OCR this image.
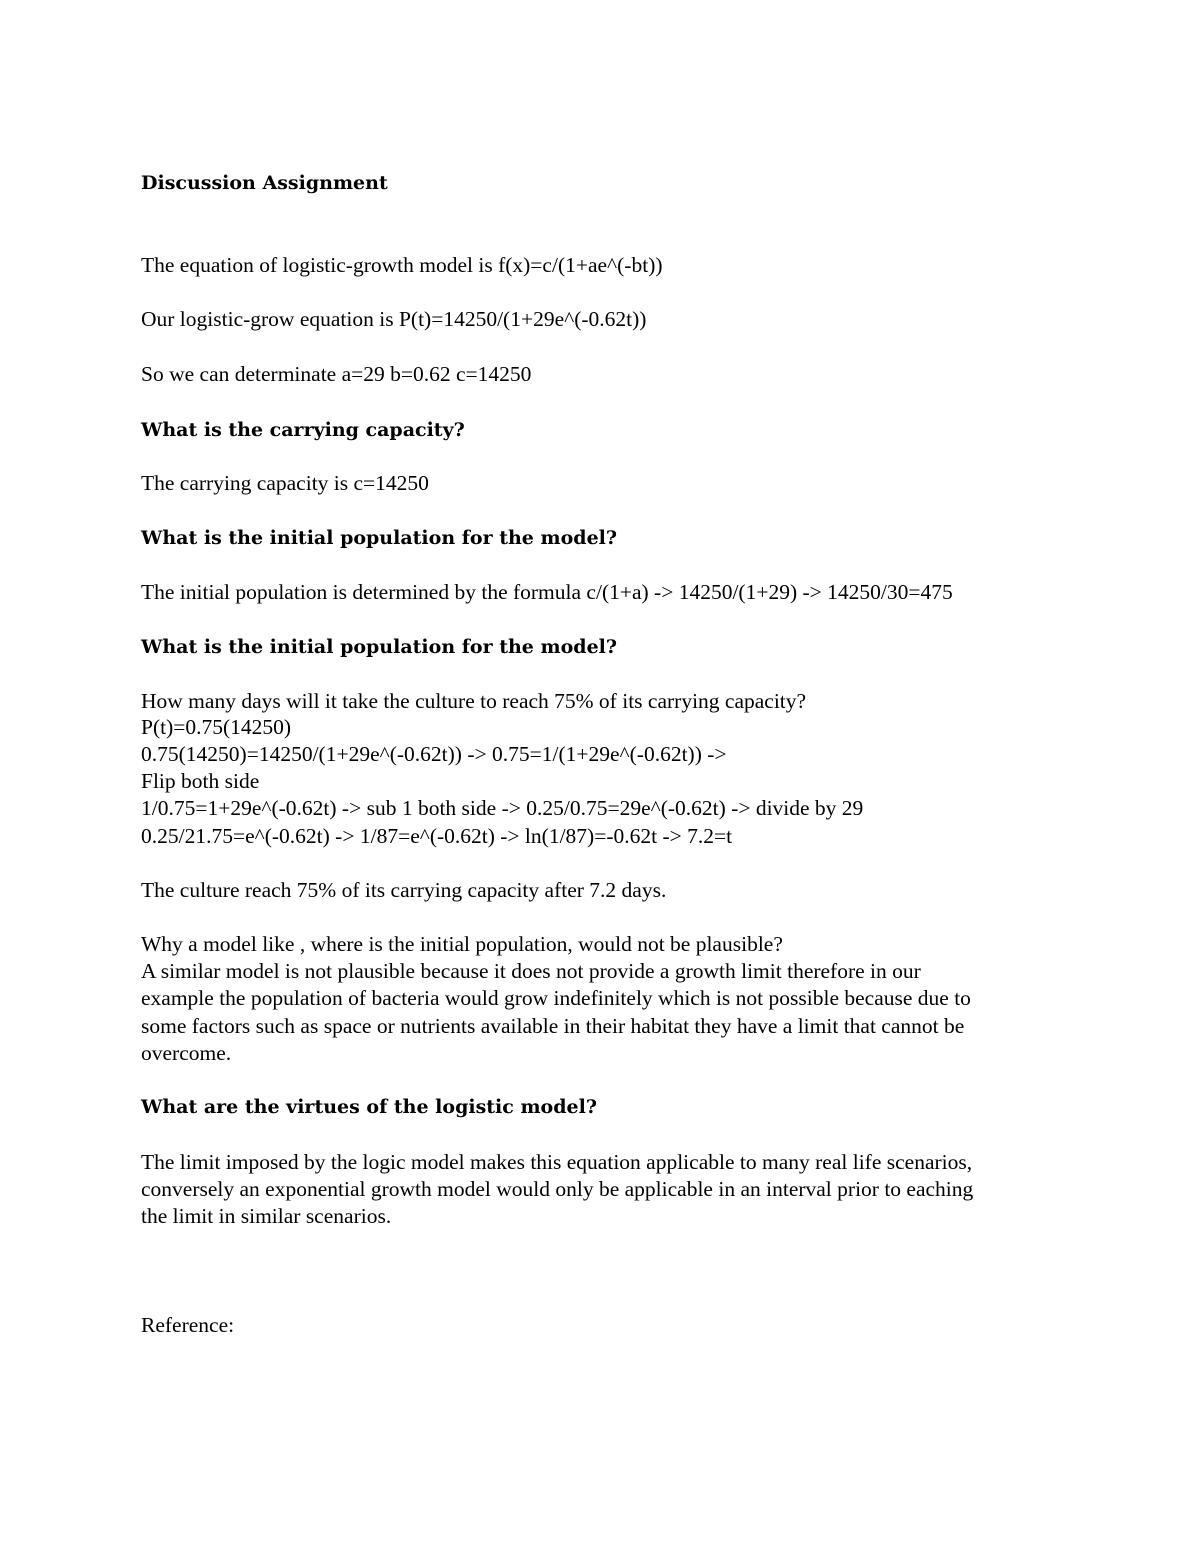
Discussion Assignment

The equation of logistic-growth model is f(x)=c/(1+ae^(-bt))

Our logistic-grow equation is P(t)=14250/(1+29e^(-0.62t))

So we can determinate a=29 b=0.62 c=14250

What is the carrying capacity?

The carrying capacity is c=14250

What is the initial population for the model?

The initial population is determined by the formula c/(1+a) -> 14250/(1+29) -> 14250/30=475

What is the initial population for the model?

How many days will it take the culture to reach 75% of its carrying capacity?

P(t)=0.75(14250)

0.75(14250)=14250/(1+29e^(-0.62t)) -> 0.75=1/(1+29e^(-0.62t)) ->

Flip both side

1/0.75=1+29e^(-0.62t) -> sub 1 both side -> 0.25/0.75=29e^(-0.62t) -> divide by 29

0.25/21.75=e^(-0.62t) -> 1/87=e^(-0.62t) -> ln(1/87)=-0.62t -> 7.2=t

The culture reach 75% of its carrying capacity after 7.2 days.

Why a model like , where is the initial population, would not be plausible?

A similar model is not plausible because it does not provide a growth limit therefore in our

example the population of bacteria would grow indefinitely which is not possible because due to

some factors such as space or nutrients available in their habitat they have a limit that cannot be

overcome.

What are the virtues of the logistic model?

The limit imposed by the logic model makes this equation applicable to many real life scenarios,

conversely an exponential growth model would only be applicable in an interval prior to eaching

the limit in similar scenarios.

Reference:
